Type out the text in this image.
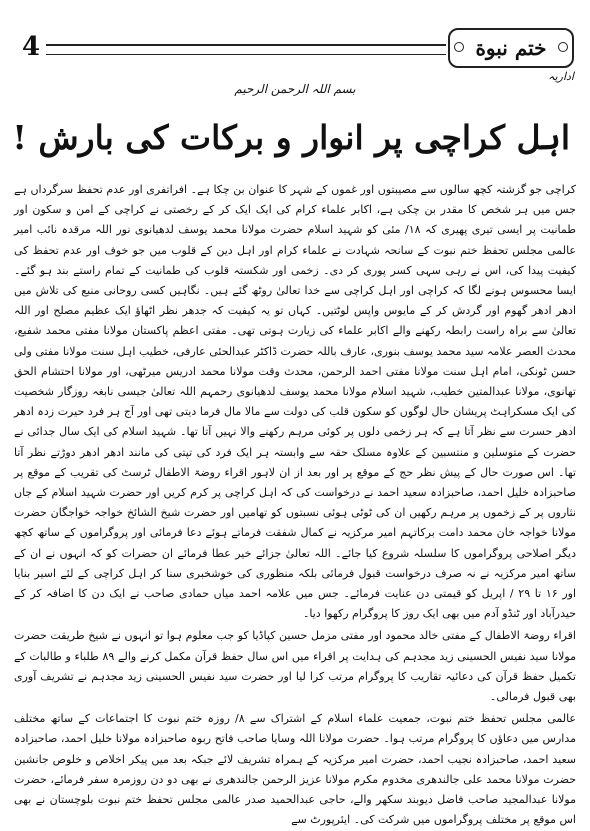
4	ختم نبوة
اداریہ
بسم اللہ الرحمن الرحیم
اہل کراچی پر انوار و برکات کی بارش !

کراچی جو گزشتہ کچھ سالوں سے مصیبتوں اور غموں کے شہر کا عنوان بن چکا ہے۔ افراتفری اور عدم تحفظ سرگرداں ہے جس میں ہر شخص کا مقدر بن چکی ہے، اکابر علماء کرام کی ایک ایک کر کے رخصتی نے کراچی کے امن و سکون اور طمانیت پر ایسی تیری پھیری کہ ۱۸/ مئی کو شہید اسلام حضرت مولانا محمد یوسف لدھیانوی نور اللہ مرقدہ نائب امیر عالمی مجلس تحفظ ختم نبوت کے سانحہ شہادت نے علماء کرام اور اہل دین کے قلوب میں جو خوف اور عدم تحفظ کی کیفیت پیدا کی، اس نے رہی سہی کسر پوری کر دی۔ زخمی اور شکستہ قلوب کی طمانیت کے تمام راستے بند ہو گئے۔ ایسا محسوس ہونے لگا کہ کراچی اور اہل کراچی سے خدا تعالیٰ روٹھ گئے ہیں۔ نگاہیں کسی روحانی منبع کی تلاش میں ادھر ادھر گھوم اور گردش کر کے مایوس واپس لوٹتیں۔ کہاں تو یہ کیفیت کہ جدھر نظر اٹھاؤ ایک عظیم مصلح اور اللہ تعالیٰ سے براہ راست رابطہ رکھنے والے اکابر علماء کی زیارت ہوتی تھی۔ مفتی اعظم پاکستان مولانا مفتی محمد شفیع، محدث العصر علامہ سید محمد یوسف بنوری، عارف باللہ حضرت ڈاکٹر عبدالحئی عارفی، خطیب اہل سنت مولانا مفتی ولی حسن ٹونکی، امام اہل سنت مولانا مفتی احمد الرحمن، محدث وقت مولانا محمد ادریس میرٹھی، اور مولانا احتشام الحق تھانوی، مولانا عبدالمتین خطیب، شہید اسلام مولانا محمد یوسف لدھیانوی رحمہم اللہ تعالیٰ جیسی نابغہ روزگار شخصیت کی ایک مسکراہٹ پریشان حال لوگوں کو سکون قلب کی دولت سے مالا مال فرما دیتی تھی اور آج ہر فرد حیرت زدہ ادھر ادھر حسرت سے نظر آتا ہے کہ ہر زخمی دلوں پر کوئی مرہم رکھنے والا نہیں آتا تھا۔ شہید اسلام کی ایک سال جدائی نے حضرت کے متوسلین و منتسبین کے علاوہ مسلک حقہ سے وابستہ ہر ایک فرد کی تپتی کی مانند ادھر ادھر دوڑتے نظر آتا تھا۔ اس صورت حال کے پیش نظر حج کے موقع پر اور بعد از ان لاہور اقراء روضۃ الاطفال ٹرسٹ کی تقریب کے موقع پر صاحبزادہ خلیل احمد، صاحبزادہ سعید احمد نے درخواست کی کہ اہل کراچی پر کرم کریں اور حضرت شہید اسلام کے جاں نثاروں پر کے زخموں پر مرہم رکھیں ان کی ٹوٹی ہوئی نسبتوں کو تھامیں اور حضرت شیخ الشائخ خواجہ خواجگان حضرت مولانا خواجہ خان محمد دامت برکاتہم امیر مرکزیہ نے کمال شفقت فرماتے ہوئے دعا فرمائی اور پروگراموں کے ساتھ کچھ دیگر اصلاحی پروگراموں کا سلسلہ شروع کیا جائے۔ اللہ تعالیٰ جزائے خیر عطا فرمائے ان حضرات کو کہ انہوں نے ان کے ساتھ امیر مرکزیہ نے نہ صرف درخواست قبول فرمائی بلکہ منظوری کی خوشخبری سنا کر اہل کراچی کے لئے اسیر بنایا اور ۱۶ تا ۲۹ / اپریل کو قیمتی دن عنایت فرمائے۔ جس میں علامہ احمد میاں حمادی صاحب نے ایک دن کا اضافہ کر کے حیدرآباد اور ٹنڈو آدم میں بھی ایک روز کا پروگرام رکھوا دیا۔

اقراء روضۃ الاطفال کے مفتی خالد محمود اور مفتی مزمل حسین کپاڈیا کو جب معلوم ہوا تو انہوں نے شیخ طریقت حضرت مولانا سید نفیس الحسینی زید مجدہم کی ہدایت پر اقراء میں اس سال حفظ قرآن مکمل کرنے والے ۸۹ طلباء و طالبات کے تکمیل حفظ قرآن کی دعائیہ تقاریب کا پروگرام مرتب کرا لیا اور حضرت سید نفیس الحسینی زید مجدہم نے تشریف آوری بھی قبول فرمالی۔

عالمی مجلس تحفظ ختم نبوت، جمعیت علماء اسلام کے اشتراک سے ۸/ روزہ ختم نبوت کا اجتماعات کے ساتھ مختلف مدارس میں دعاؤں کا پروگرام مرتب ہوا۔ حضرت مولانا اللہ وسایا صاحب فاتح ربوہ صاحبزادہ مولانا خلیل احمد، صاحبزادہ سعید احمد، صاحبزادہ نجیب احمد، حضرت امیر مرکزیہ کے ہمراہ تشریف لائے جبکہ بعد میں پیکر اخلاص و خلوص جانشین حضرت مولانا محمد علی جالندھری مخدوم مکرم مولانا عزیز الرحمن جالندھری نے بھی دو دن روزمرہ سفر فرمائے، حضرت مولانا عبدالمجید صاحب فاضل دیوبند سکھر والے، حاجی عبدالحمید صدر عالمی مجلس تحفظ ختم نبوت بلوچستان نے بھی اس موقع پر مختلف پروگراموں میں شرکت کی۔ ایئرپورٹ سے
